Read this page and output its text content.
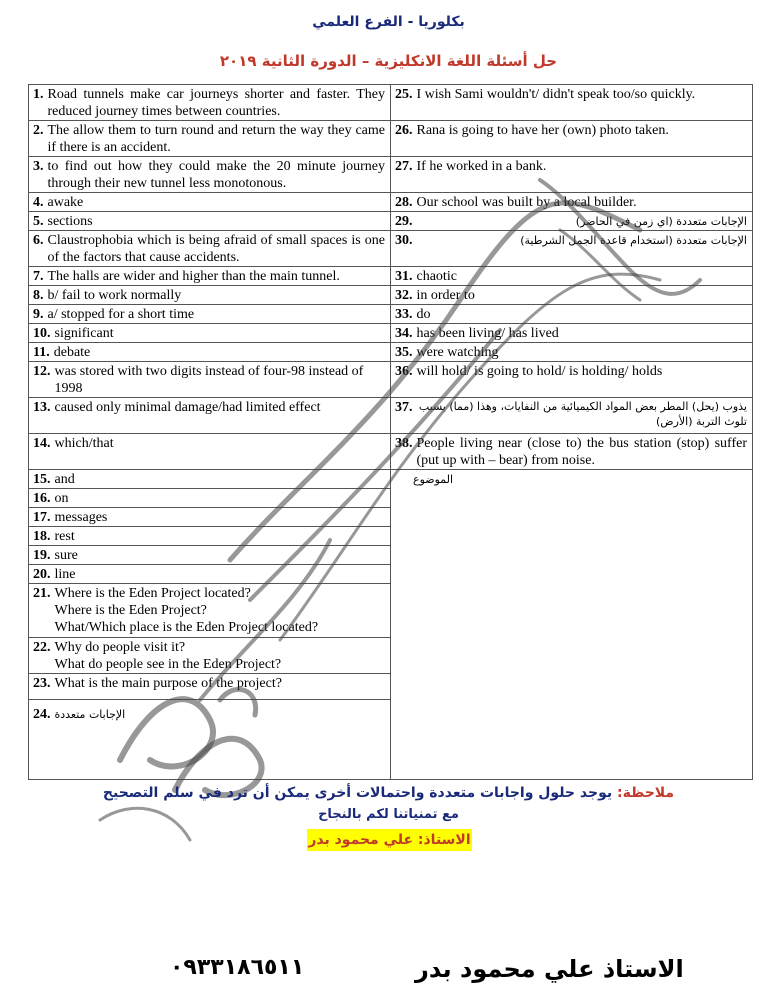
بكلوريا - الفرع العلمي
حل أسئلة اللغة الانكليزية – الدورة الثانية ٢٠١٩
1. Road tunnels make car journeys shorter and faster. They reduced journey times between countries.	25. I wish Sami wouldn't/ didn't speak too/so quickly.

2. The allow them to turn round and return the way they came if there is an accident.	26. Rana is going to have her (own) photo taken.

3. to find out how they could make the 20 minute journey through their new tunnel less monotonous.	27. If he worked in a bank.

4. awake	28. Our school was built by a local builder.

5. sections	29. الإجابات متعددة (اي زمن في الحاضر)

6. Claustrophobia which is being afraid of small spaces is one of the factors that cause accidents.	30. الإجابات متعددة (استخدام قاعدة الجمل الشرطية)

7. The halls are wider and higher than the main tunnel.	31. chaotic

8. b/ fail to work normally	32. in order to

9. a/ stopped for a short time	33. do

10. significant	34. has been living/ has lived

11. debate	35. were watching

12. was stored with two digits instead of four-98 instead of 1998	36. will hold/ is going to hold/ is holding/ holds

13. caused only minimal damage/had limited effect	37. يذوب (يحل) المطر بعض المواد الكيميائية من النفايات، وهذا (مما) يسبب تلوث التربة (الأرض)

14. which/that	38. People living near (close to) the bus station (stop) suffer (put up with – bear) from noise.

15. and	الموضوع

16. on	

17. messages	

18. rest	

19. sure	

20. line	

21. Where is the Eden Project located?
Where is the Eden Project?
What/Which place is the Eden Project located?	

22. Why do people visit it?
What do people see in the Eden Project?	

23. What is the main purpose of the project?	

24. الإجابات متعددة	
ملاحظة: يوجد حلول واجابات متعددة واحتمالات أخرى يمكن أن ترد في سلم التصحيح
مع تمنياتنا لكم بالنجاح
الاستاذ: علي محمود بدر
٠٩٣٣١٨٦٥١١	الاستاذ علي محمود بدر
